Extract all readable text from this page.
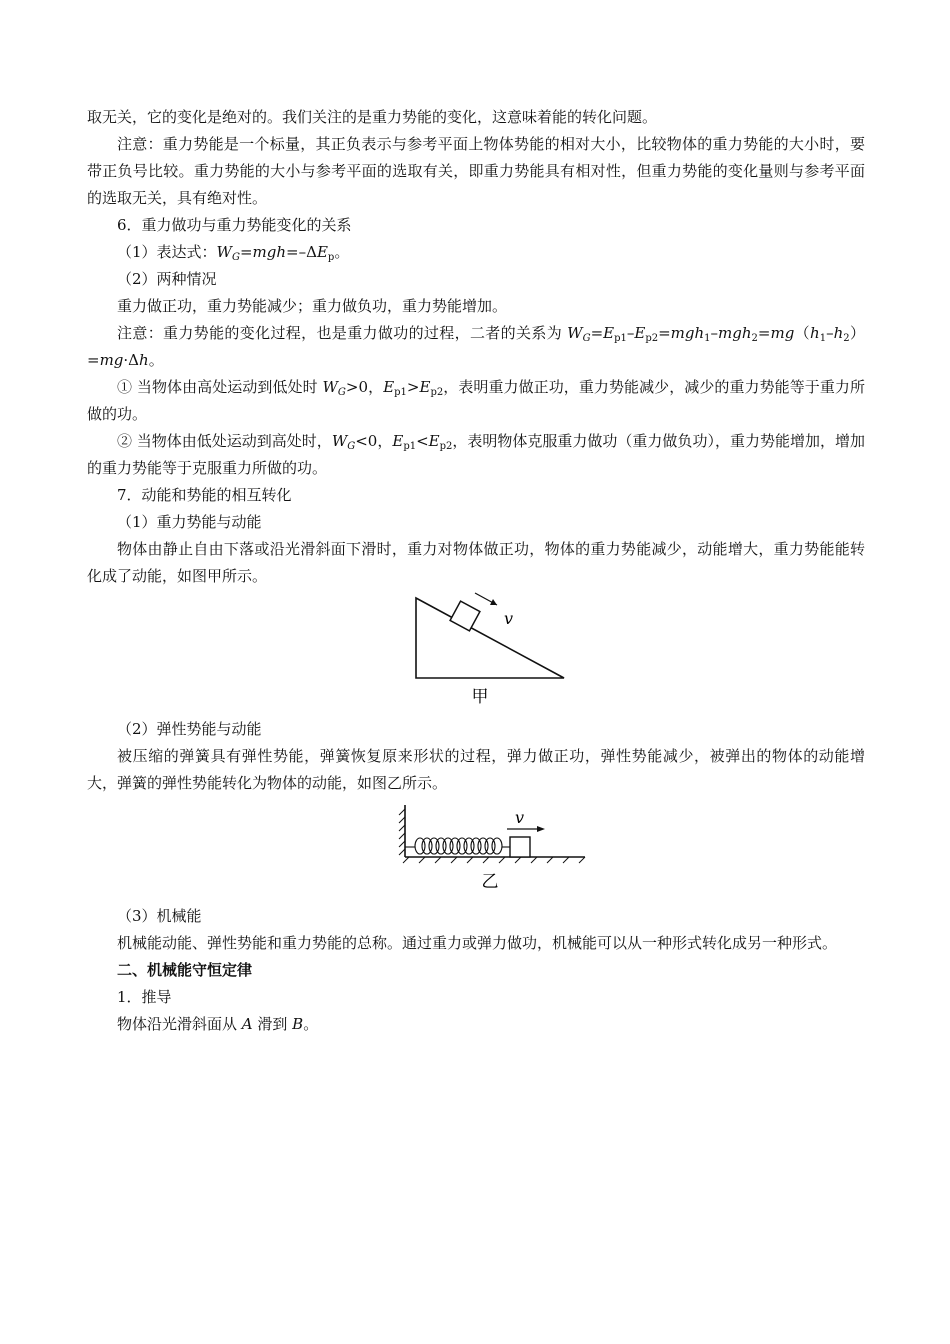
取无关，它的变化是绝对的。我们关注的是重力势能的变化，这意味着能的转化问题。

注意：重力势能是一个标量，其正负表示与参考平面上物体势能的相对大小，比较物体的重力势能的大小时，要带正负号比较。重力势能的大小与参考平面的选取有关，即重力势能具有相对性，但重力势能的变化量则与参考平面的选取无关，具有绝对性。

6．重力做功与重力势能变化的关系

（1）表达式：$W_G=mgh=-\Delta E_p$。

（2）两种情况

重力做正功，重力势能减少；重力做负功，重力势能增加。

注意：重力势能的变化过程，也是重力做功的过程，二者的关系为 $W_G=E_{p1}-E_{p2}=mgh_1-mgh_2=mg(h_1-h_2)=mg\cdot\Delta h$。

① 当物体由高处运动到低处时 $W_G>0$，$E_{p1}>E_{p2}$，表明重力做正功，重力势能减少，减少的重力势能等于重力所做的功。

② 当物体由低处运动到高处时，$W_G<0$，$E_{p1}<E_{p2}$，表明物体克服重力做功（重力做负功），重力势能增加，增加的重力势能等于克服重力所做的功。

7．动能和势能的相互转化

（1）重力势能与动能

物体由静止自由下落或沿光滑斜面下滑时，重力对物体做正功，物体的重力势能减少，动能增大，重力势能能转化成了动能，如图甲所示。

v
甲

（2）弹性势能与动能

被压缩的弹簧具有弹性势能，弹簧恢复原来形状的过程，弹力做正功，弹性势能减少，被弹出的物体的动能增大，弹簧的弹性势能转化为物体的动能，如图乙所示。

v
乙

（3）机械能

机械能动能、弹性势能和重力势能的总称。通过重力或弹力做功，机械能可以从一种形式转化成另一种形式。

二、机械能守恒定律

1．推导

物体沿光滑斜面从 A 滑到 B。
